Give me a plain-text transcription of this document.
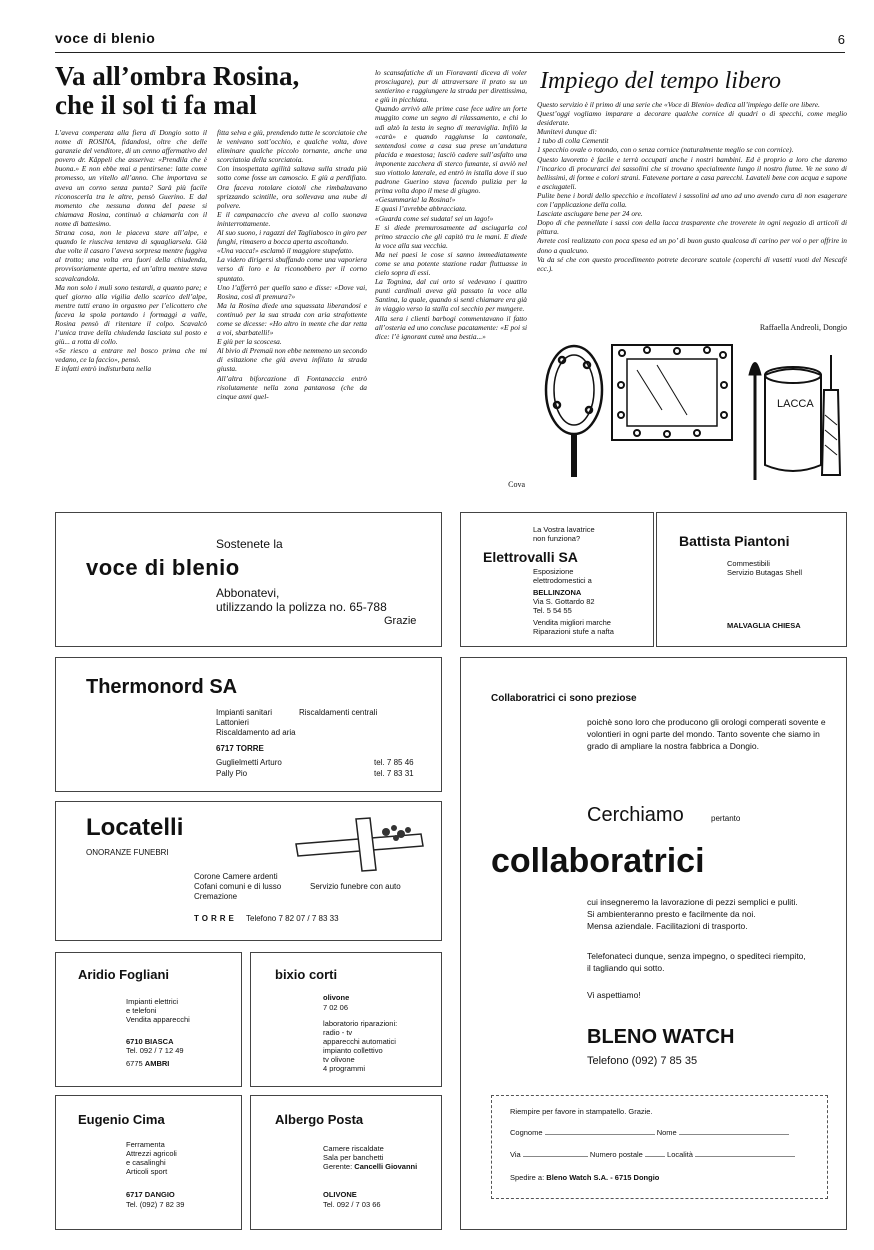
voce di blenio	6
Va all’ombra Rosina,
che il sol ti fa mal
L’aveva comperata alla fiera di Dongio sotto il nome di ROSINA, fidandosi, oltre che delle garanzie del venditore, di un cenno affermativo del povero dr. Käppeli che asseriva: «Prendila che è buona.» E non ebbe mai a pentirsene: latte come promesso, un vitello all’anno. Che importava se aveva un corno senza punta? Sarà più facile riconoscerla tra le altre, pensò Guerino. E dal momento che nessuna donna del paese si chiamava Rosina, continuò a chiamarla con il nome di battesimo.
Strana cosa, non le piaceva stare all’alpe, e quando le riusciva tentava di squagliarsela. Già due volte il casaro l’aveva sorpresa mentre fuggiva al trotto; una volta era fuori della chiudenda, provvisoriamente aperta, ed un’altra mentre stava scavalcandola.
Ma non solo i muli sono testardi, a quanto pare; e quel giorno alla vigilia dello scarico dell’alpe, mentre tutti erano in orgasmo per l’elicottero che faceva la spola portando i formaggi a valle, Rosina pensò di ritentare il colpo. Scavalcò l’unica trave della chiudenda lasciata sul posto e giù... a rotta di collo.
«Se riesco a entrare nel bosco prima che mi vedano, ce la faccio», pensò.
E infatti entrò indisturbata nella
fitta selva e giù, prendendo tutte le scorciatoie che le venivano sott’occhio, e qualche volta, dove eliminare qualche piccolo tornante, anche una scorciatoia della scorciatoia.
Con insospettata agilità saltava sulla strada più sotto come fosse un camoscio. E giù a perdifiato. Ora faceva rotolare ciotoli che rimbalzavano sprizzando scintille, ora sollevava una nube di polvere.
E il campanaccio che aveva al collo suonava ininterrottamente.
Al suo suono, i ragazzi del Tagliabosco in giro per funghi, rimasero a bocca aperta ascoltando.
«Una vacca!» esclamò il maggiore stupefatto.
La videro dirigersi sbuffando come una vaporiera verso di loro e la riconobbero per il corno spuntato.
Uno l’afferrò per quello sano e disse: «Dove vai, Rosina, così di premura?»
Ma la Rosina diede una squassata liberandosi e continuò per la sua strada con aria strafottente come se dicesse: «Ho altro in mente che dar retta a voi, sbarbatelli!»
E giù per la scoscesa.
Al bivio di Premaü non ebbe nemmeno un secondo di esitazione che già aveva infilato la strada giusta.
All’altra biforcazione di Fontanaccia entrò risolutamente nella zona pantanosa (che da cinque anni quel-
lo scansafatiche di un Fioravanti diceva di voler prosciugare), pur di attraversare il prato su un sentierino e raggiungere la strada per direttissima, e giù in picchiata.
Quando arrivò alle prime case fece udire un forte muggito come un segno di rilassamento, e chi lo udì alzò la testa in segno di meraviglia. Infilò la «carà» e quando raggiunse la cantonale, sentendosi come a casa sua prese un’andatura placida e maestosa; lasciò cadere sull’asfalto una imponente zacchera di sterco fumante, si avviò nel suo viottolo laterale, ed entrò in istalla dove il suo padrone Guerino stava facendo pulizia per la prima volta dopo il mese di giugno.
«Gesummaria! la Rosina!»
E quasi l’avrebbe abbracciata.
«Guarda come sei sudata! sei un lago!»
E si diede premurosamente ad asciugarla col primo straccio che gli capitò tra le mani. E diede la voce alla sua vecchia.
Ma nei paesi le cose si sanno immediatamente come se una potente stazione radar fluttuasse in cielo sopra di essi.
La Tognina, dal cui orto si vedevano i quattro punti cardinali aveva già passato la voce alla Santina, la quale, quando si sentì chiamare era già in viaggio verso la stalla col secchio per mungere.
Alla sera i clienti barbogi commentavano il fatto all’osteria ed uno concluse pacatamente: «E poi si dice: l’è ignorant cumè una bestia...»
Cova
Impiego del tempo libero
Questo servizio è il primo di una serie che «Voce di Blenio» dedica all’impiego delle ore libere.
Quest’oggi vogliamo imparare a decorare qualche cornice di quadri o di specchi, come meglio desiderate.
Munitevi dunque di:
1 tubo di colla Cementit
1 specchio ovale o rotondo, con o senza cornice (naturalmente meglio se con cornice).
Questo lavoretto è facile e terrà occupati anche i nostri bambini. Ed è proprio a loro che daremo l’incarico di procurarci dei sassolini che si trovano specialmente lungo il nostro fiume. Ve ne sono di bellissimi, di forme e colori strani. Fatevene portare a casa parecchi. Lavateli bene con acqua e sapone e asciugateli.
Pulite bene i bordi dello specchio e incollatevi i sassolini ad uno ad uno avendo cura di non esagerare con l’applicazione della colla.
Lasciate asciugare bene per 24 ore.
Dopo di che pennellate i sassi con della lacca trasparente che troverete in ogni negozio di articoli di pittura.
Avrete così realizzato con poca spesa ed un po’ di buon gusto qualcosa di carino per voi o per offrire in dono a qualcuno.
Va da sé che con questo procedimento potrete decorare scatole (coperchi di vasetti vuoti del Nescafé ecc.).
Raffaella Andreoli, Dongio
LACCA
Sostenete la
voce di blenio
Abbonatevi,
utilizzando la polizza no. 65-788
Grazie
La Vostra lavatrice
non funziona?
Elettrovalli SA
Esposizione
elettrodomestici a
BELLINZONA
Via S. Gottardo 82
Tel. 5 54 55
Vendita migliori marche
Riparazioni stufe a nafta
Battista Piantoni
Commestibili
Servizio Butagas Shell
MALVAGLIA CHIESA
Thermonord SA
Impianti sanitari
Lattonieri
Riscaldamento ad aria
Riscaldamenti centrali
6717 TORRE
Guglielmetti Arturo	tel. 7 85 46
Pally Pio	tel. 7 83 31
Locatelli
ONORANZE FUNEBRI
Corone Camere ardenti
Cofani comuni e di lusso
Cremazione
Servizio funebre con auto
TORRE Telefono 7 82 07 / 7 83 33
Aridio Fogliani
Impianti elettrici
e telefoni
Vendita apparecchi
6710 BIASCA
Tel. 092 / 7 12 49
6775 AMBRI
bixio corti
olivone
7 02 06
laboratorio riparazioni:
radio - tv
apparecchi automatici
impianto collettivo
tv olivone
4 programmi
Eugenio Cima
Ferramenta
Attrezzi agricoli
e casalinghi
Articoli sport
6717 DANGIO
Tel. (092) 7 82 39
Albergo Posta
Camere riscaldate
Sala per banchetti
Gerente: Cancelli Giovanni
OLIVONE
Tel. 092 / 7 03 66
Collaboratrici ci sono preziose
poichè sono loro che producono gli orologi comperati sovente e volontieri in ogni parte del mondo. Tanto sovente che siamo in grado di ampliare la nostra fabbrica a Dongio.
Cerchiamo	pertanto
collaboratrici
cui insegneremo la lavorazione di pezzi semplici e puliti.
Si ambienteranno presto e facilmente da noi.
Mensa aziendale. Facilitazioni di trasporto.
Telefonateci dunque, senza impegno, o spediteci riempito,
il tagliando qui sotto.
Vi aspettiamo!
BLENO WATCH
Telefono (092) 7 85 35
Riempire per favore in stampatello. Grazie.
Cognome	Nome
Via	Numero postale	Località
Spedire a: Bleno Watch S.A. - 6715 Dongio
